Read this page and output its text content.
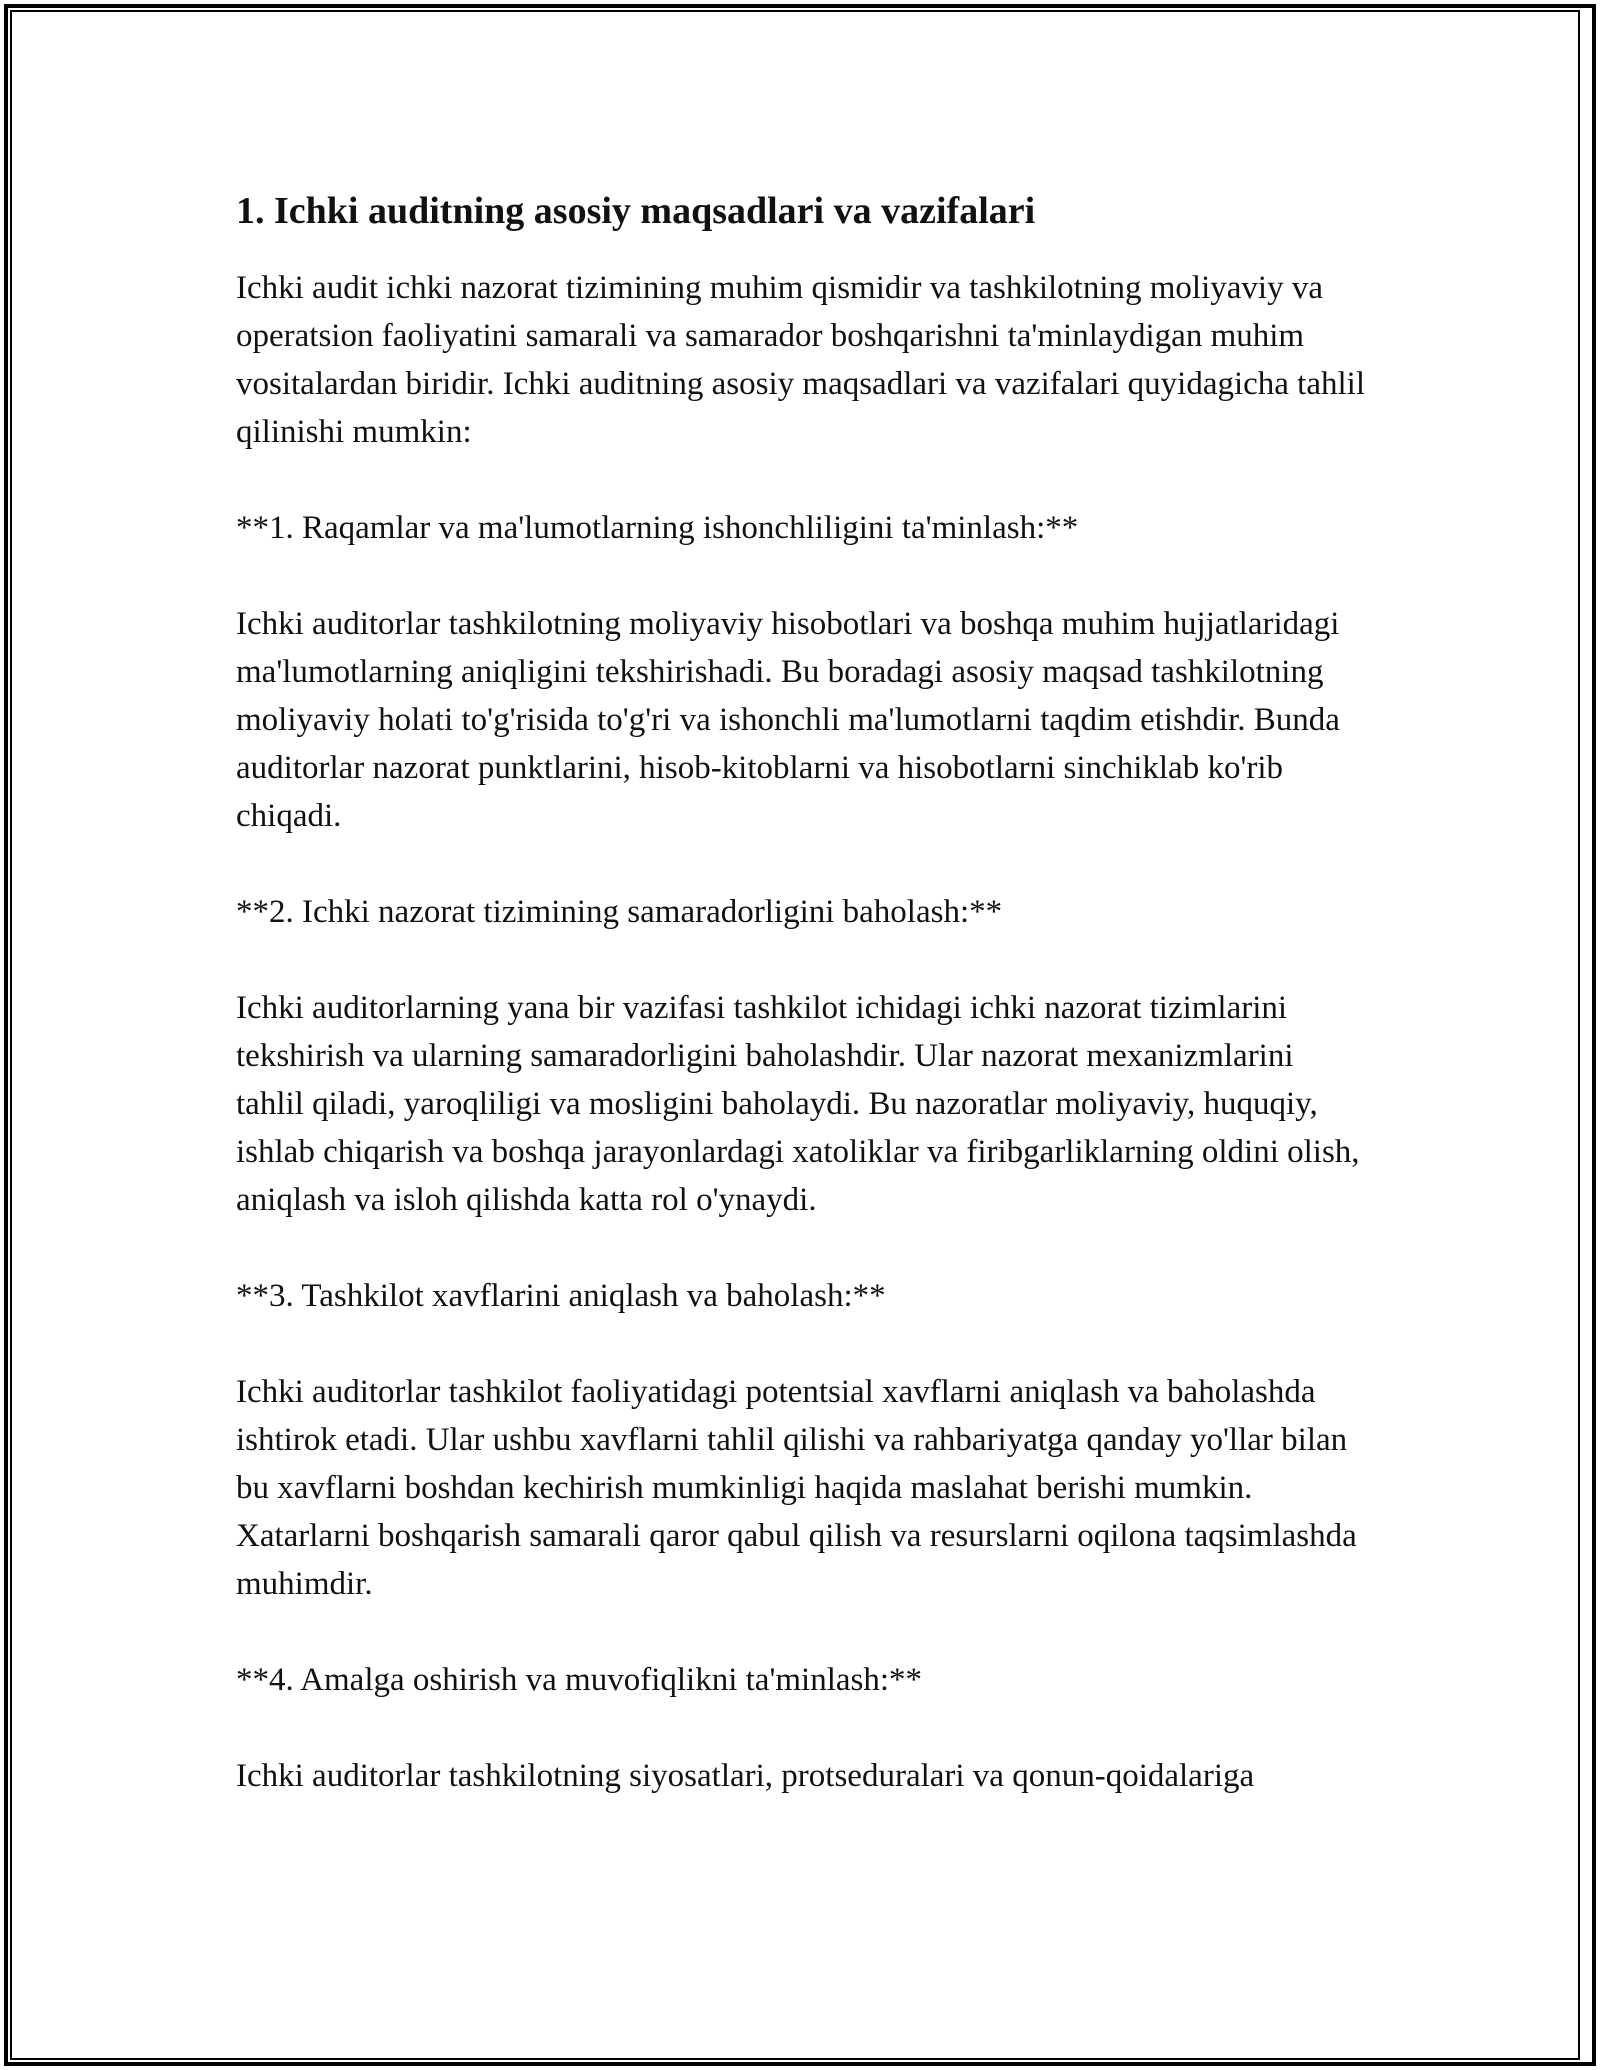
1. Ichki auditning asosiy maqsadlari va vazifalari

Ichki audit ichki nazorat tizimining muhim qismidir va tashkilotning moliyaviy va operatsion faoliyatini samarali va samarador boshqarishni ta'minlaydigan muhim vositalardan biridir. Ichki auditning asosiy maqsadlari va vazifalari quyidagicha tahlil qilinishi mumkin:

**1. Raqamlar va ma'lumotlarning ishonchliligini ta'minlash:**

Ichki auditorlar tashkilotning moliyaviy hisobotlari va boshqa muhim hujjatlaridagi ma'lumotlarning aniqligini tekshirishadi. Bu boradagi asosiy maqsad tashkilotning moliyaviy holati to'g'risida to'g'ri va ishonchli ma'lumotlarni taqdim etishdir. Bunda auditorlar nazorat punktlarini, hisob-kitoblarni va hisobotlarni sinchiklab ko'rib chiqadi.

**2. Ichki nazorat tizimining samaradorligini baholash:**

Ichki auditorlarning yana bir vazifasi tashkilot ichidagi ichki nazorat tizimlarini tekshirish va ularning samaradorligini baholashdir. Ular nazorat mexanizmlarini tahlil qiladi, yaroqliligi va mosligini baholaydi. Bu nazoratlar moliyaviy, huquqiy, ishlab chiqarish va boshqa jarayonlardagi xatoliklar va firibgarliklarning oldini olish, aniqlash va isloh qilishda katta rol o'ynaydi.

**3. Tashkilot xavflarini aniqlash va baholash:**

Ichki auditorlar tashkilot faoliyatidagi potentsial xavflarni aniqlash va baholashda ishtirok etadi. Ular ushbu xavflarni tahlil qilishi va rahbariyatga qanday yo'llar bilan bu xavflarni boshdan kechirish mumkinligi haqida maslahat berishi mumkin. Xatarlarni boshqarish samarali qaror qabul qilish va resurslarni oqilona taqsimlashda muhimdir.

**4. Amalga oshirish va muvofiqlikni ta'minlash:**

Ichki auditorlar tashkilotning siyosatlari, protseduralari va qonun-qoidalariga
